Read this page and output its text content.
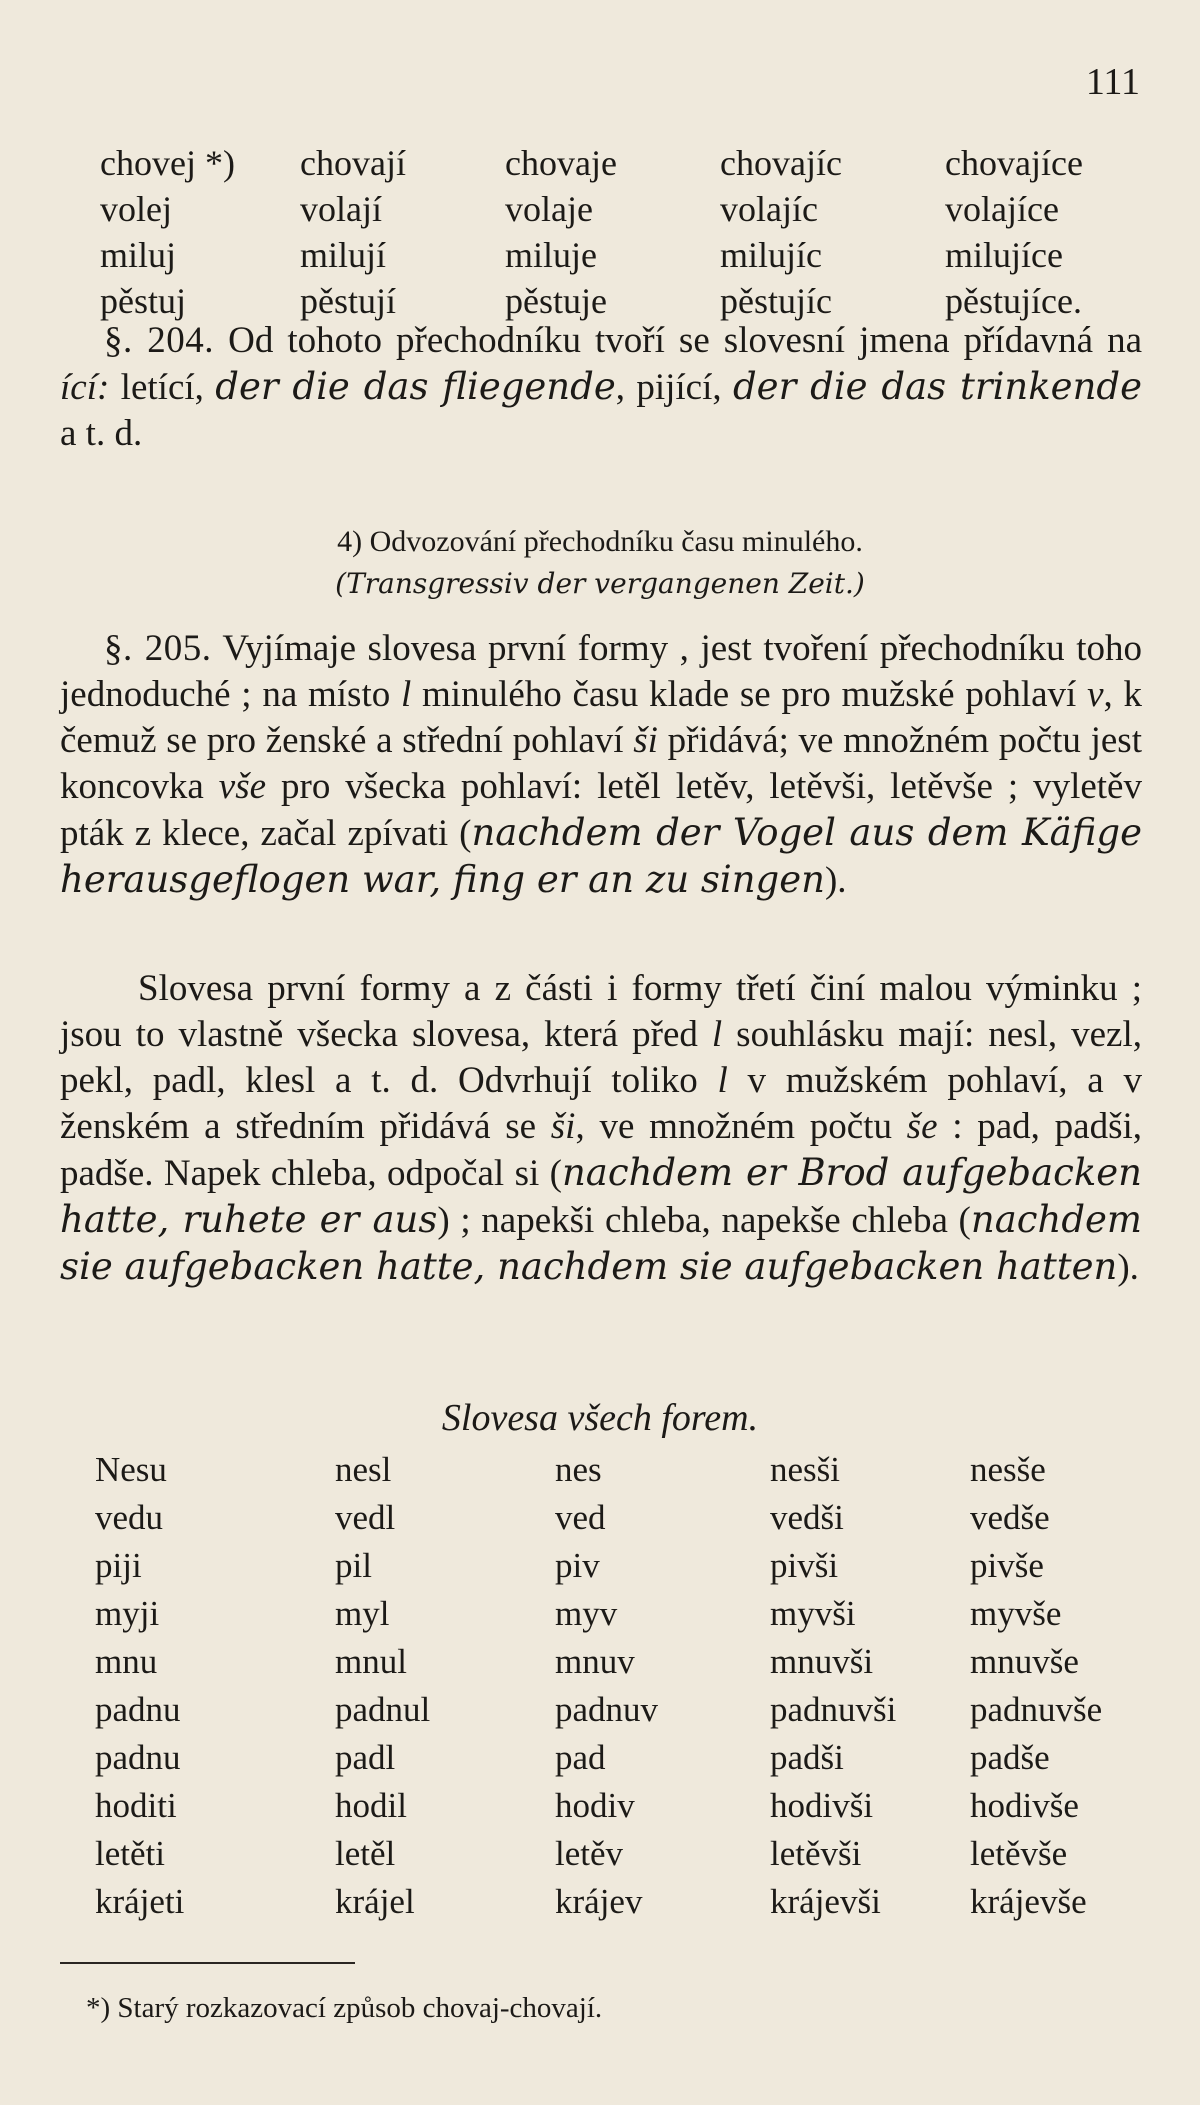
111
chovej *)	chovají	chovaje	chovajíc	chovajíce
volej	volají	volaje	volajíc	volajíce
miluj	milují	miluje	milujíc	milujíce
pěstuj	pěstují	pěstuje	pěstujíc	pěstujíce.

§. 204. Od tohoto přechodníku tvoří se slovesní jmena přídavná na ící: letící, der die das fliegende, pijící, der die das trinkende a t. d.

4) Odvozování přechodníku času minulého.
(Transgressiv der vergangenen Zeit.)

§. 205. Vyjímaje slovesa první formy , jest tvoření přechodníku toho jednoduché ; na místo l minulého času klade se pro mužské pohlaví v, k čemuž se pro ženské a střední pohlaví ši přidává; ve množném počtu jest koncovka vše pro všecka pohlaví: letěl letěv, letěvši, letěvše ; vyletěv pták z klece, začal zpívati (nachdem der Vogel aus dem Käfige herausgeflogen war, fing er an zu singen).

Slovesa první formy a z části i formy třetí činí malou výminku ; jsou to vlastně všecka slovesa, která před l souhlásku mají: nesl, vezl, pekl, padl, klesl a t. d. Odvrhují toliko l v mužském pohlaví, a v ženském a středním přidává se ši, ve množném počtu še : pad, padši, padše. Napek chleba, odpočal si (nachdem er Brod aufgebacken hatte, ruhete er aus) ; napekši chleba, napekše chleba (nachdem sie aufgebacken hatte, nachdem sie aufgebacken hatten).

Slovesa všech forem.
Nesu	nesl	nes	nesši	nesše
vedu	vedl	ved	vedši	vedše
piji	pil	piv	pivši	pivše
myji	myl	myv	myvši	myvše
mnu	mnul	mnuv	mnuvši	mnuvše
padnu	padnul	padnuv	padnuvši	padnuvše
padnu	padl	pad	padši	padše
hoditi	hodil	hodiv	hodivši	hodivše
letěti	letěl	letěv	letěvši	letěvše
krájeti	krájel	krájev	krájevši	krájevše
*) Starý rozkazovací způsob chovaj-chovají.
